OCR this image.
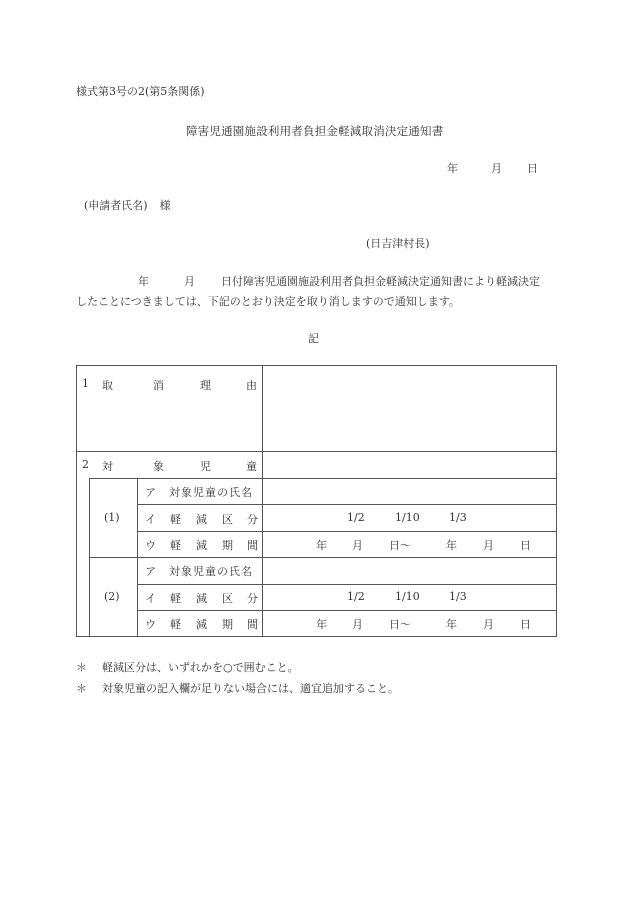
様式第3号の2(第5条関係)
障害児通園施設利用者負担金軽減取消決定通知書
年	月 日
(申請者氏名) 様
(日吉津村長)
年	月 日付障害児通園施設利用者負担金軽減決定通知書により軽減決定
したことにつきましては、下記のとおり決定を取り消しますので通知します。
記
1 取	消	理	由
2 対	象	児	童
(1)
ア　対象児童の氏名
イ 軽 減 区 分	1/2	1/10	1/3
ウ 軽 減 期 間	年 月 日〜	年 月 日
(2)
ア　対象児童の氏名
イ 軽 減 区 分	1/2	1/10	1/3
ウ 軽 減 期 間	年 月 日〜	年 月 日
＊ 軽減区分は、いずれかを○で囲むこと。
＊ 対象児童の記入欄が足りない場合には、適宜追加すること。
